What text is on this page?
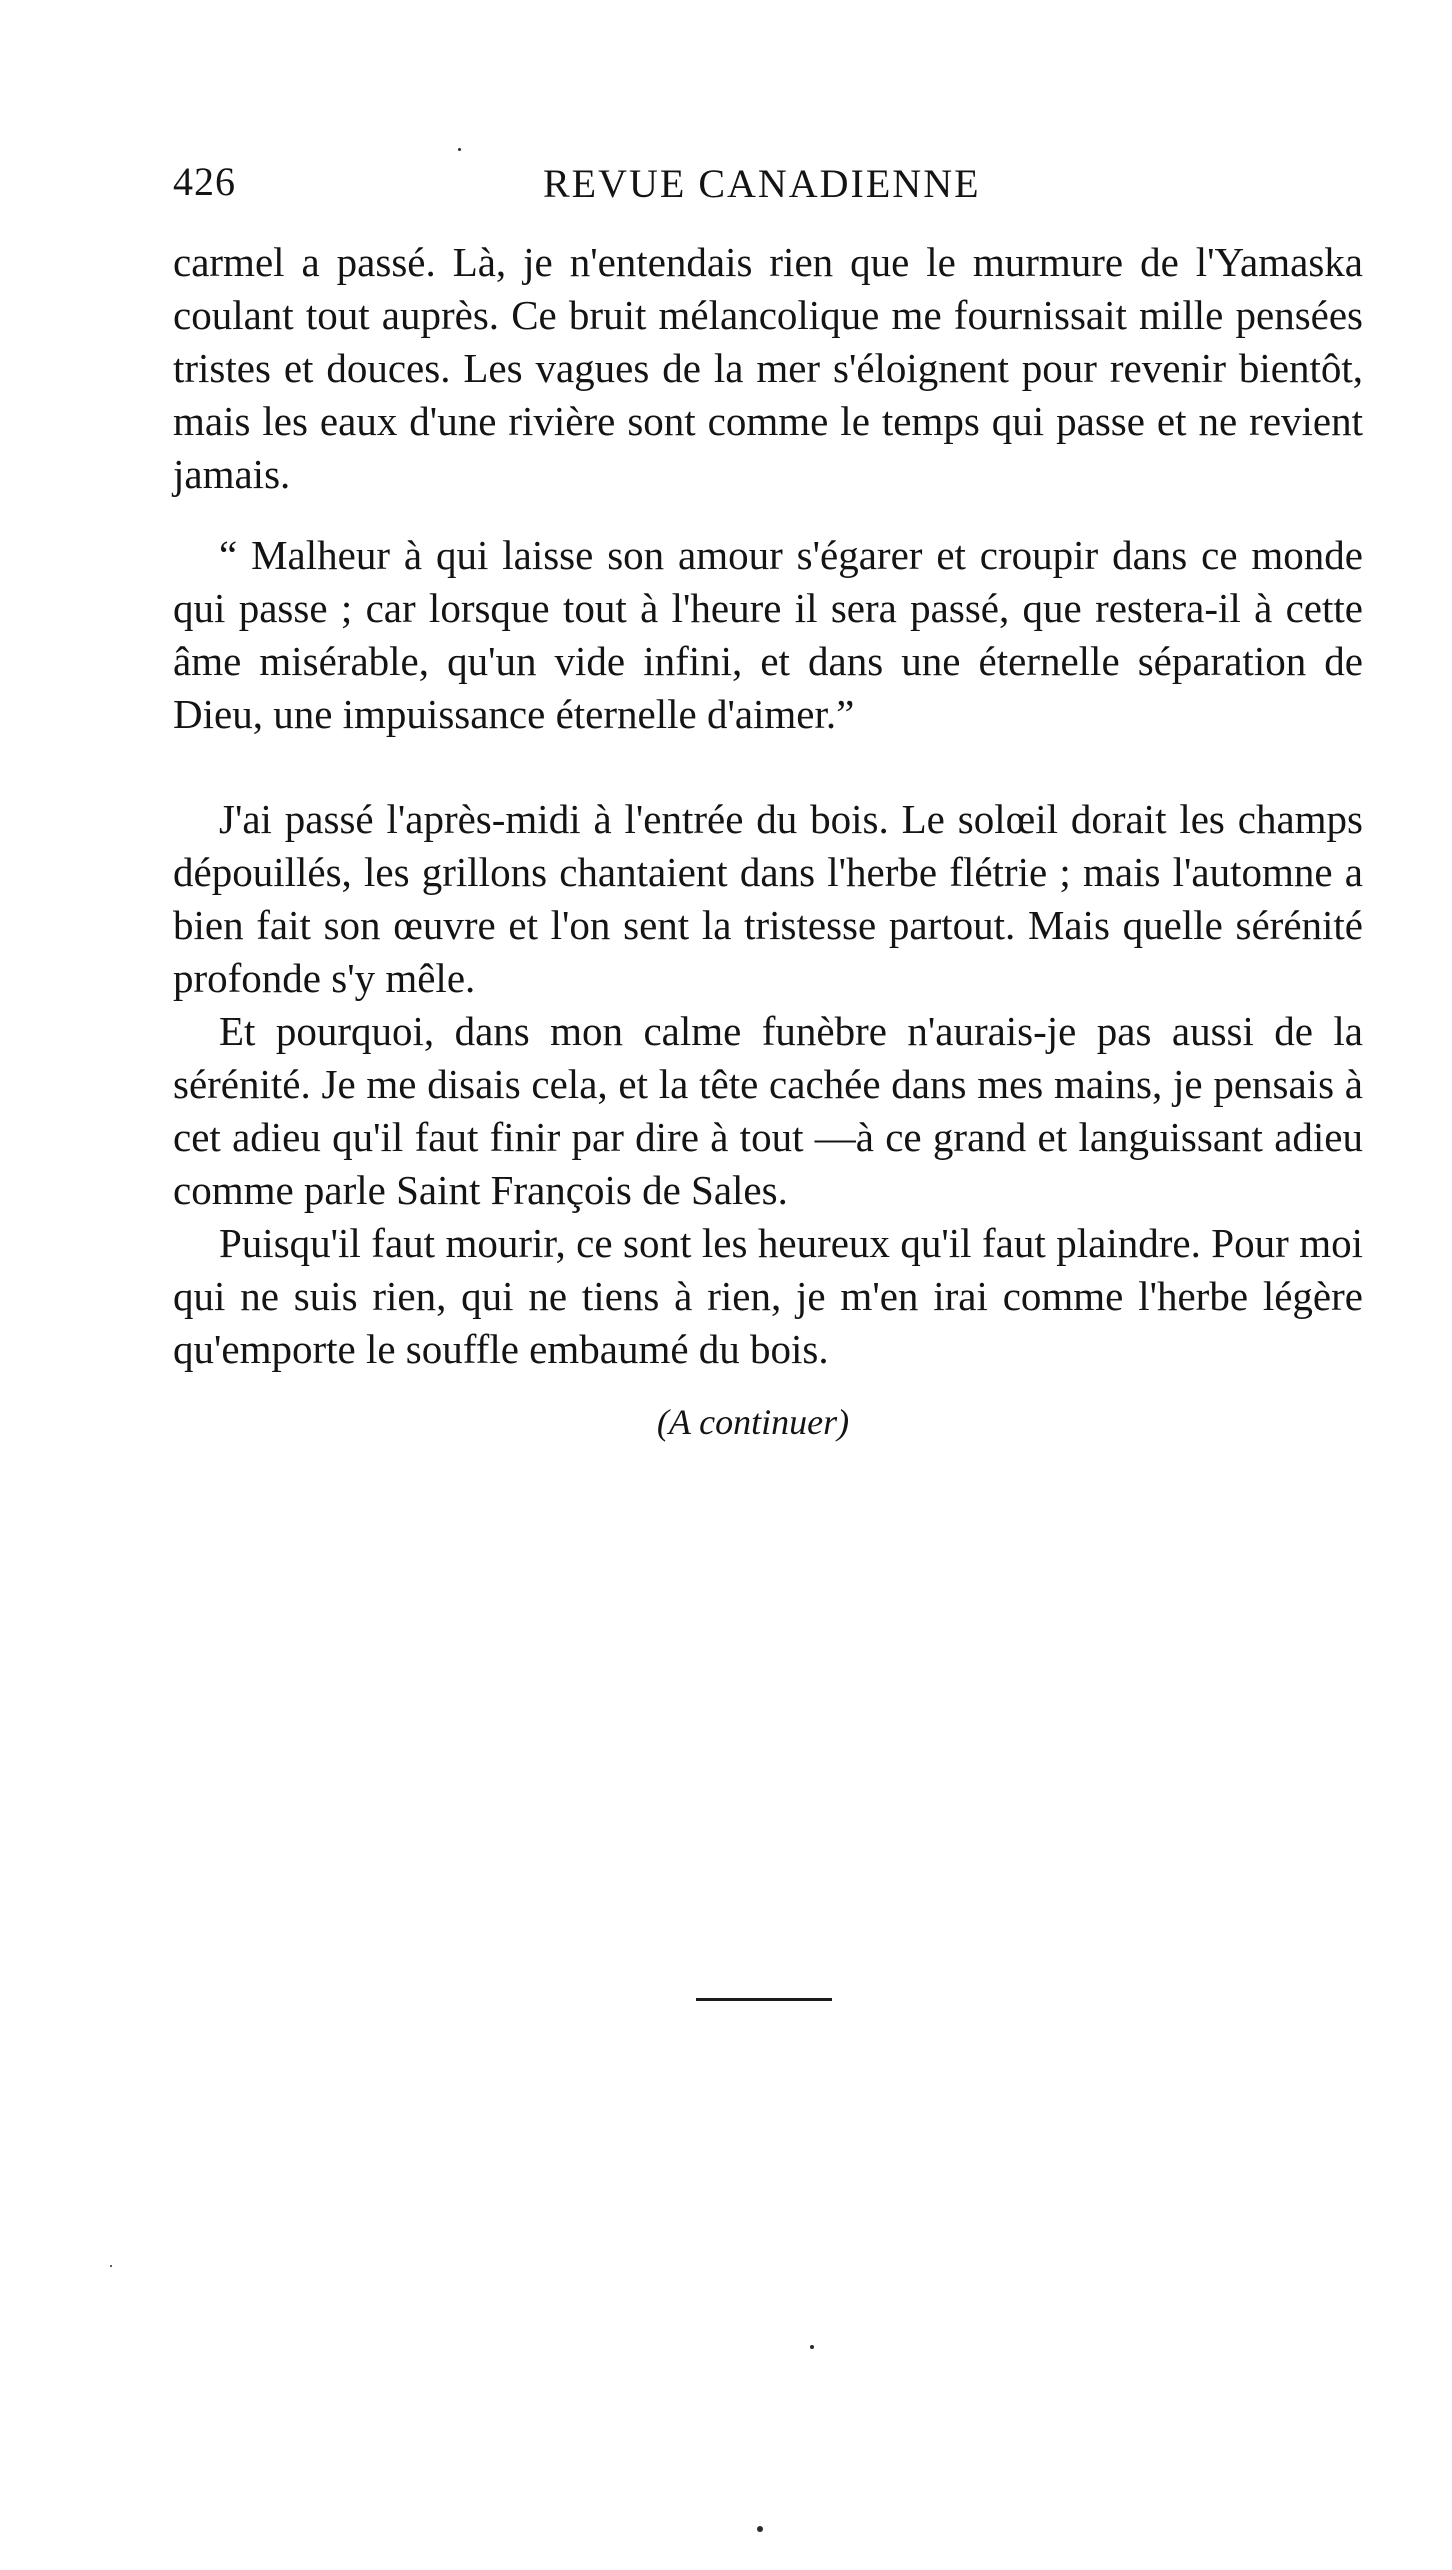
426	REVUE CANADIENNE

carmel a passé. Là, je n'entendais rien que le murmure de l'Yamaska coulant tout auprès. Ce bruit mélancolique me fournissait mille pensées tristes et douces. Les vagues de la mer s'éloignent pour revenir bientôt, mais les eaux d'une rivière sont comme le temps qui passe et ne revient jamais.

“ Malheur à qui laisse son amour s'égarer et croupir dans ce monde qui passe ; car lorsque tout à l'heure il sera passé, que restera-il à cette âme misérable, qu'un vide infini, et dans une éternelle séparation de Dieu, une impuissance éternelle d'aimer.”

J'ai passé l'après-midi à l'entrée du bois. Le solœil dorait les champs dépouillés, les grillons chantaient dans l'herbe flétrie ; mais l'automne a bien fait son œuvre et l'on sent la tristesse partout. Mais quelle sérénité profonde s'y mêle.

Et pourquoi, dans mon calme funèbre n'aurais-je pas aussi de la sérénité. Je me disais cela, et la tête cachée dans mes mains, je pensais à cet adieu qu'il faut finir par dire à tout —à ce grand et languissant adieu comme parle Saint François de Sales.

Puisqu'il faut mourir, ce sont les heureux qu'il faut plaindre. Pour moi qui ne suis rien, qui ne tiens à rien, je m'en irai comme l'herbe légère qu'emporte le souffle embaumé du bois.

(A continuer)
